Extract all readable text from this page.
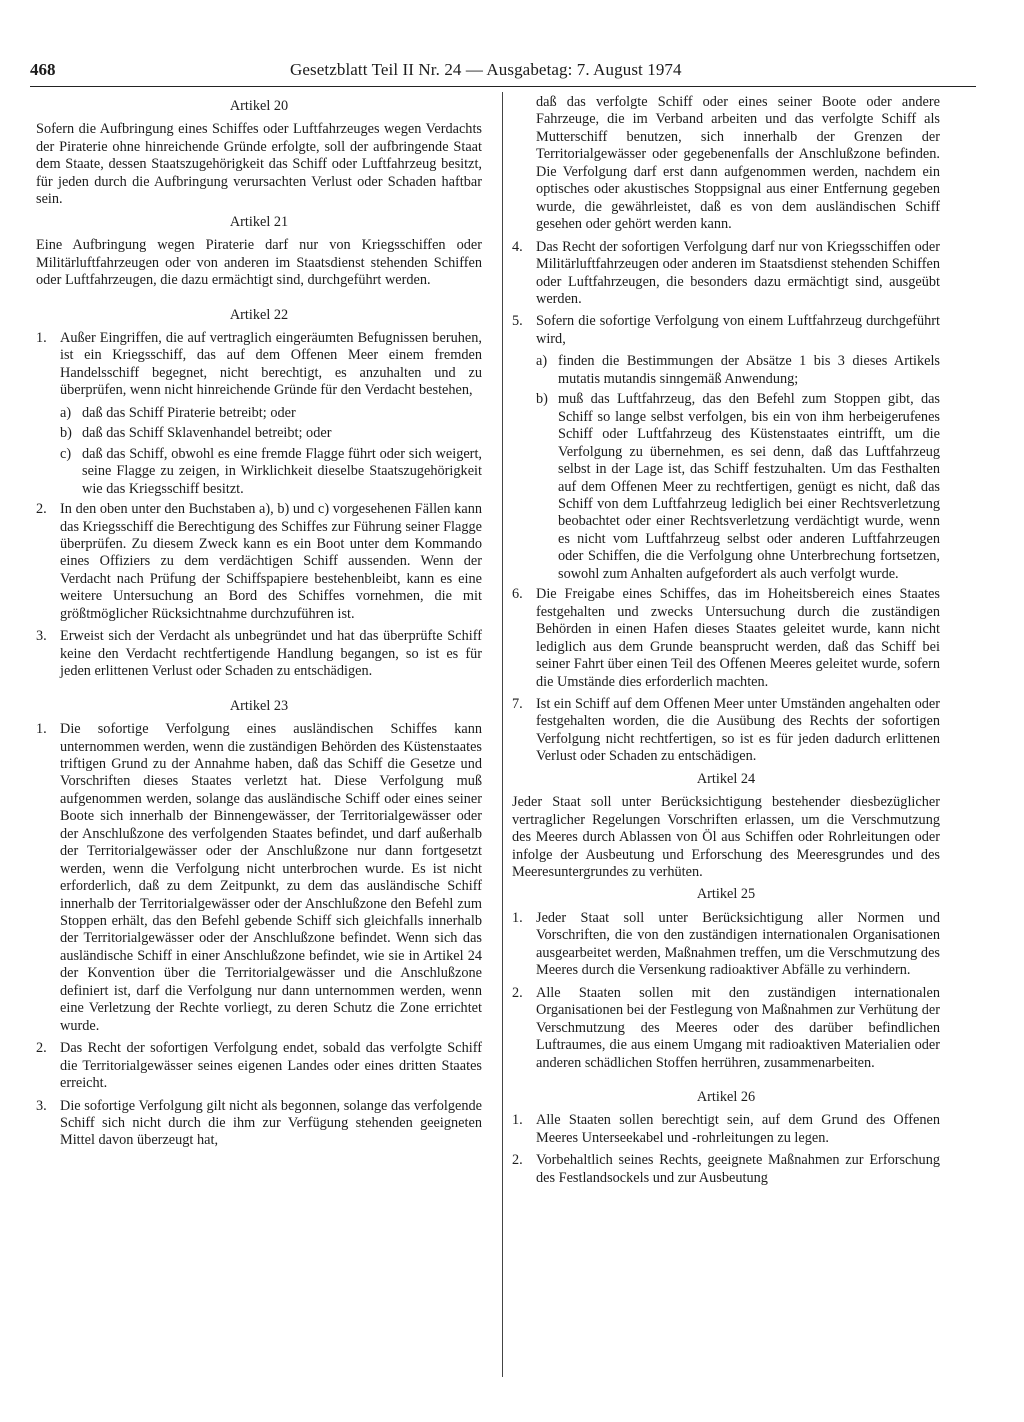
468	Gesetzblatt Teil II Nr. 24 — Ausgabetag: 7. August 1974
Artikel 20

Sofern die Aufbringung eines Schiffes oder Luftfahrzeuges wegen Verdachts der Piraterie ohne hinreichende Gründe erfolgte, soll der aufbringende Staat dem Staate, dessen Staatszugehörigkeit das Schiff oder Luftfahrzeug besitzt, für jeden durch die Aufbringung verursachten Verlust oder Schaden haftbar sein.

Artikel 21

Eine Aufbringung wegen Piraterie darf nur von Kriegsschiffen oder Militärluftfahrzeugen oder von anderen im Staatsdienst stehenden Schiffen oder Luftfahrzeugen, die dazu ermächtigt sind, durchgeführt werden.

Artikel 22
1. Außer Eingriffen, die auf vertraglich eingeräumten Befugnissen beruhen, ist ein Kriegsschiff, das auf dem Offenen Meer einem fremden Handelsschiff begegnet, nicht berechtigt, es anzuhalten und zu überprüfen, wenn nicht hinreichende Gründe für den Verdacht bestehen,
a) daß das Schiff Piraterie betreibt; oder
b) daß das Schiff Sklavenhandel betreibt; oder
c) daß das Schiff, obwohl es eine fremde Flagge führt oder sich weigert, seine Flagge zu zeigen, in Wirklichkeit dieselbe Staatszugehörigkeit wie das Kriegsschiff besitzt.
2. In den oben unter den Buchstaben a), b) und c) vorgesehenen Fällen kann das Kriegsschiff die Berechtigung des Schiffes zur Führung seiner Flagge überprüfen. Zu diesem Zweck kann es ein Boot unter dem Kommando eines Offiziers zu dem verdächtigen Schiff aussenden. Wenn der Verdacht nach Prüfung der Schiffspapiere bestehenbleibt, kann es eine weitere Untersuchung an Bord des Schiffes vornehmen, die mit größtmöglicher Rücksichtnahme durchzuführen ist.
3. Erweist sich der Verdacht als unbegründet und hat das überprüfte Schiff keine den Verdacht rechtfertigende Handlung begangen, so ist es für jeden erlittenen Verlust oder Schaden zu entschädigen.
Artikel 23
1. Die sofortige Verfolgung eines ausländischen Schiffes kann unternommen werden, wenn die zuständigen Behörden des Küstenstaates triftigen Grund zu der Annahme haben, daß das Schiff die Gesetze und Vorschriften dieses Staates verletzt hat. Diese Verfolgung muß aufgenommen werden, solange das ausländische Schiff oder eines seiner Boote sich innerhalb der Binnengewässer, der Territorialgewässer oder der Anschlußzone des verfolgenden Staates befindet, und darf außerhalb der Territorialgewässer oder der Anschlußzone nur dann fortgesetzt werden, wenn die Verfolgung nicht unterbrochen wurde. Es ist nicht erforderlich, daß zu dem Zeitpunkt, zu dem das ausländische Schiff innerhalb der Territorialgewässer oder der Anschlußzone den Befehl zum Stoppen erhält, das den Befehl gebende Schiff sich gleichfalls innerhalb der Territorialgewässer oder der Anschlußzone befindet. Wenn sich das ausländische Schiff in einer Anschlußzone befindet, wie sie in Artikel 24 der Konvention über die Territorialgewässer und die Anschlußzone definiert ist, darf die Verfolgung nur dann unternommen werden, wenn eine Verletzung der Rechte vorliegt, zu deren Schutz die Zone errichtet wurde.
2. Das Recht der sofortigen Verfolgung endet, sobald das verfolgte Schiff die Territorialgewässer seines eigenen Landes oder eines dritten Staates erreicht.
3. Die sofortige Verfolgung gilt nicht als begonnen, solange das verfolgende Schiff sich nicht durch die ihm zur Verfügung stehenden geeigneten Mittel davon überzeugt hat,
daß das verfolgte Schiff oder eines seiner Boote oder andere Fahrzeuge, die im Verband arbeiten und das verfolgte Schiff als Mutterschiff benutzen, sich innerhalb der Grenzen der Territorialgewässer oder gegebenenfalls der Anschlußzone befinden. Die Verfolgung darf erst dann aufgenommen werden, nachdem ein optisches oder akustisches Stoppsignal aus einer Entfernung gegeben wurde, die gewährleistet, daß es von dem ausländischen Schiff gesehen oder gehört werden kann.
4. Das Recht der sofortigen Verfolgung darf nur von Kriegsschiffen oder Militärluftfahrzeugen oder anderen im Staatsdienst stehenden Schiffen oder Luftfahrzeugen, die besonders dazu ermächtigt sind, ausgeübt werden.
5. Sofern die sofortige Verfolgung von einem Luftfahrzeug durchgeführt wird,
a) finden die Bestimmungen der Absätze 1 bis 3 dieses Artikels mutatis mutandis sinngemäß Anwendung;
b) muß das Luftfahrzeug, das den Befehl zum Stoppen gibt, das Schiff so lange selbst verfolgen, bis ein von ihm herbeigerufenes Schiff oder Luftfahrzeug des Küstenstaates eintrifft, um die Verfolgung zu übernehmen, es sei denn, daß das Luftfahrzeug selbst in der Lage ist, das Schiff festzuhalten. Um das Festhalten auf dem Offenen Meer zu rechtfertigen, genügt es nicht, daß das Schiff von dem Luftfahrzeug lediglich bei einer Rechtsverletzung beobachtet oder einer Rechtsverletzung verdächtigt wurde, wenn es nicht vom Luftfahrzeug selbst oder anderen Luftfahrzeugen oder Schiffen, die die Verfolgung ohne Unterbrechung fortsetzen, sowohl zum Anhalten aufgefordert als auch verfolgt wurde.
6. Die Freigabe eines Schiffes, das im Hoheitsbereich eines Staates festgehalten und zwecks Untersuchung durch die zuständigen Behörden in einen Hafen dieses Staates geleitet wurde, kann nicht lediglich aus dem Grunde beansprucht werden, daß das Schiff bei seiner Fahrt über einen Teil des Offenen Meeres geleitet wurde, sofern die Umstände dies erforderlich machten.
7. Ist ein Schiff auf dem Offenen Meer unter Umständen angehalten oder festgehalten worden, die die Ausübung des Rechts der sofortigen Verfolgung nicht rechtfertigen, so ist es für jeden dadurch erlittenen Verlust oder Schaden zu entschädigen.
Artikel 24

Jeder Staat soll unter Berücksichtigung bestehender diesbezüglicher vertraglicher Regelungen Vorschriften erlassen, um die Verschmutzung des Meeres durch Ablassen von Öl aus Schiffen oder Rohrleitungen oder infolge der Ausbeutung und Erforschung des Meeresgrundes und des Meeresuntergrundes zu verhüten.

Artikel 25
1. Jeder Staat soll unter Berücksichtigung aller Normen und Vorschriften, die von den zuständigen internationalen Organisationen ausgearbeitet werden, Maßnahmen treffen, um die Verschmutzung des Meeres durch die Versenkung radioaktiver Abfälle zu verhindern.
2. Alle Staaten sollen mit den zuständigen internationalen Organisationen bei der Festlegung von Maßnahmen zur Verhütung der Verschmutzung des Meeres oder des darüber befindlichen Luftraumes, die aus einem Umgang mit radioaktiven Materialien oder anderen schädlichen Stoffen herrühren, zusammenarbeiten.
Artikel 26
1. Alle Staaten sollen berechtigt sein, auf dem Grund des Offenen Meeres Unterseekabel und -rohrleitungen zu legen.
2. Vorbehaltlich seines Rechts, geeignete Maßnahmen zur Erforschung des Festlandsockels und zur Ausbeutung
